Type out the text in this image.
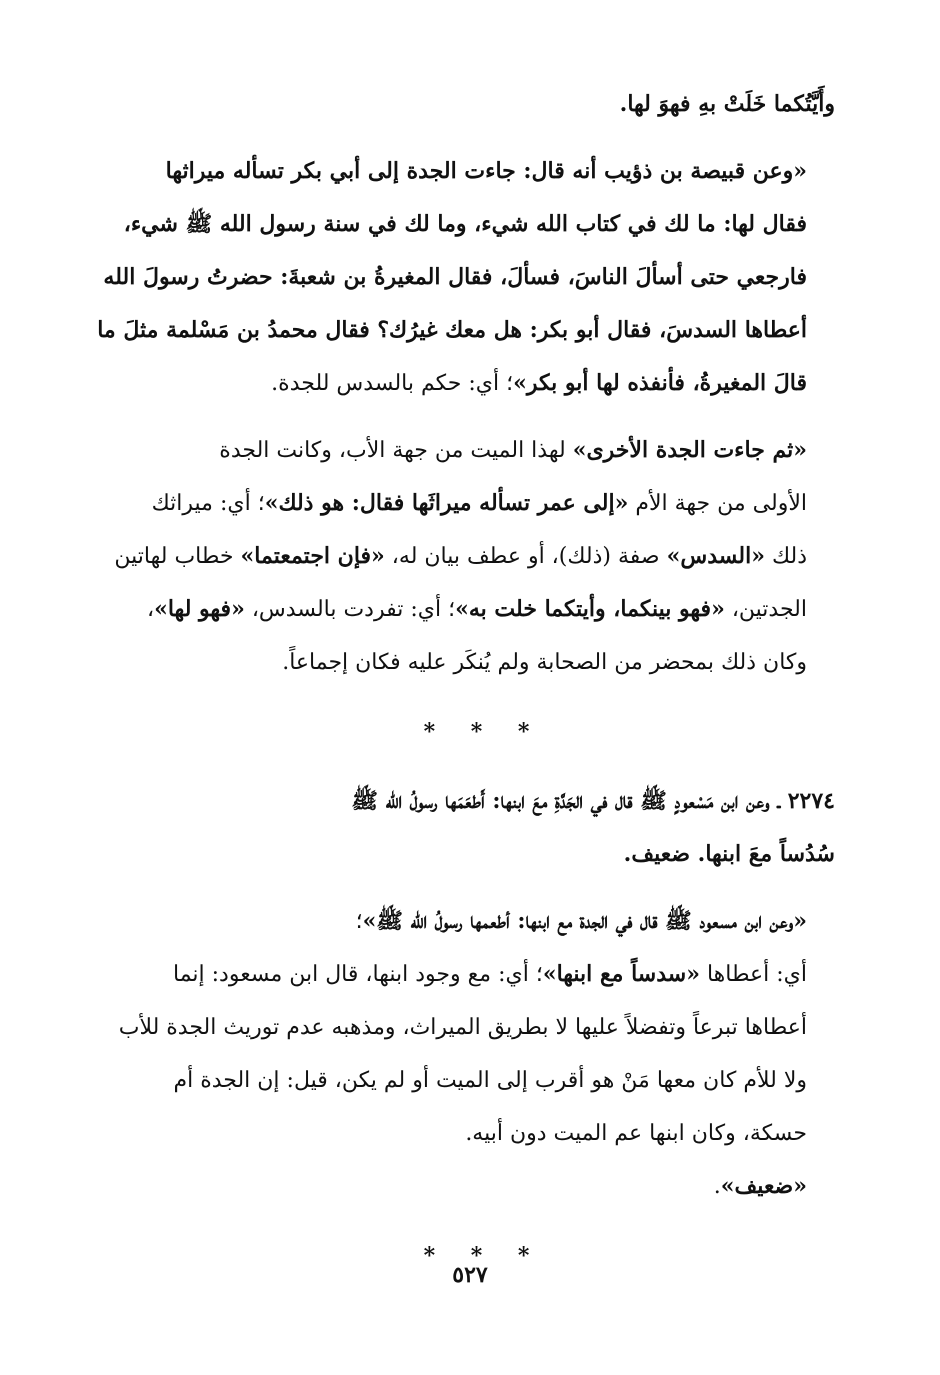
وأَيَّتُكما خَلَتْ بهِ فهوَ لها.

«وعن قبيصة بن ذؤيب أنه قال: جاءت الجدة إلى أبي بكر تسأله ميراثها
فقال لها: ما لك في كتاب الله شيء، وما لك في سنة رسول الله ﷺ شيء،
فارجعي حتى أسألَ الناسَ، فسألَ، فقال المغيرةُ بن شعبةَ: حضرتُ رسولَ الله
أعطاها السدسَ، فقال أبو بكر: هل معك غيرُك؟ فقال محمدُ بن مَسْلمة مثلَ ما
قالَ المغيرةُ، فأنفذه لها أبو بكر»؛ أي: حكم بالسدس للجدة.

«ثم جاءت الجدة الأخرى» لهذا الميت من جهة الأب، وكانت الجدة
الأولى من جهة الأم «إلى عمر تسأله ميراثَها فقال: هو ذلك»؛ أي: ميراثك
ذلك «السدس» صفة (ذلك)، أو عطف بيان له، «فإن اجتمعتما» خطاب لهاتين
الجدتين، «فهو بينكما، وأيتكما خلت به»؛ أي: تفردت بالسدس، «فهو لها»،
وكان ذلك بمحضر من الصحابة ولم يُنكَر عليه فكان إجماعاً.

* * *

٢٢٧٤ ـ وعن ابن مَسْعودٍ ﷺ قال في الجَدَّةِ معَ ابنها: أَطعَمَها رسولُ الله ﷺ
سُدُساً معَ ابنها. ضعيف.

«وعن ابن مسعود ﷺ قال في الجدة مع ابنها: أطعمها رسولُ الله ﷺ»؛
أي: أعطاها «سدساً مع ابنها»؛ أي: مع وجود ابنها، قال ابن مسعود: إنما
أعطاها تبرعاً وتفضلاً عليها لا بطريق الميراث، ومذهبه عدم توريث الجدة للأب
ولا للأم كان معها مَنْ هو أقرب إلى الميت أو لم يكن، قيل: إن الجدة أم
حسكة، وكان ابنها عم الميت دون أبيه.

«ضعيف».

* * *
٥٢٧
